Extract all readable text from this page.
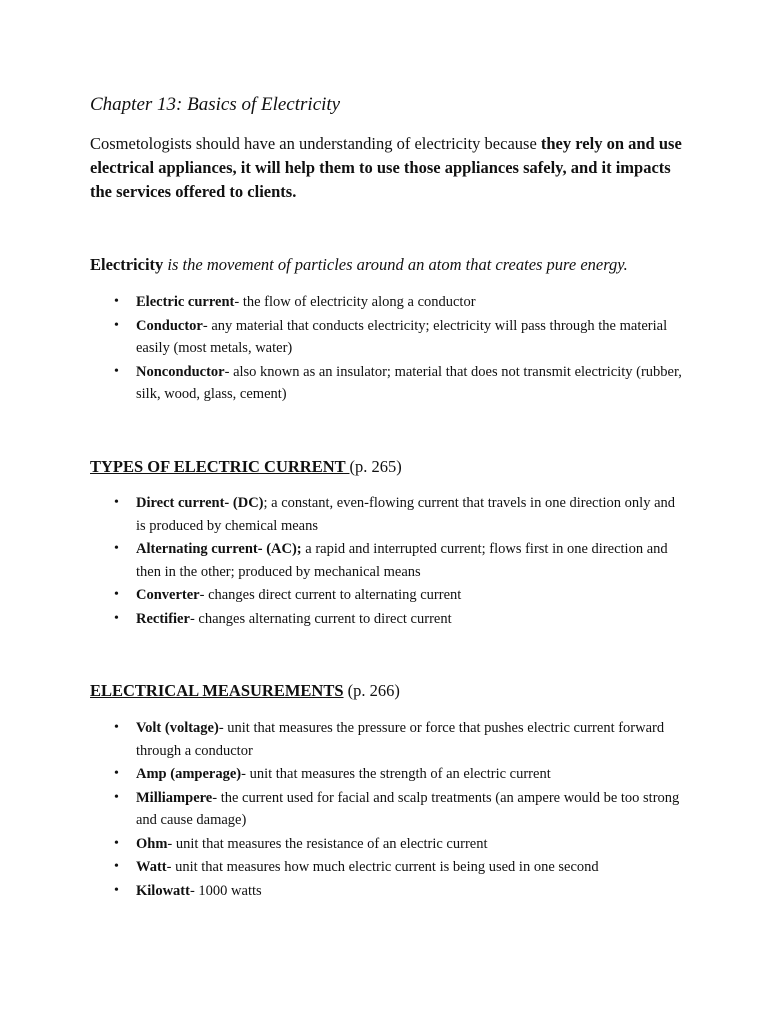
Chapter 13: Basics of Electricity

Cosmetologists should have an understanding of electricity because they rely on and use electrical appliances, it will help them to use those appliances safely, and it impacts the services offered to clients.

Electricity is the movement of particles around an atom that creates pure energy.

• Electric current- the flow of electricity along a conductor
• Conductor- any material that conducts electricity; electricity will pass through the material easily (most metals, water)
• Nonconductor- also known as an insulator; material that does not transmit electricity (rubber, silk, wood, glass, cement)

TYPES OF ELECTRIC CURRENT (p. 265)

• Direct current- (DC); a constant, even-flowing current that travels in one direction only and is produced by chemical means
• Alternating current- (AC); a rapid and interrupted current; flows first in one direction and then in the other; produced by mechanical means
• Converter- changes direct current to alternating current
• Rectifier- changes alternating current to direct current

ELECTRICAL MEASUREMENTS (p. 266)

• Volt (voltage)- unit that measures the pressure or force that pushes electric current forward through a conductor
• Amp (amperage)- unit that measures the strength of an electric current
• Milliampere- the current used for facial and scalp treatments (an ampere would be too strong and cause damage)
• Ohm- unit that measures the resistance of an electric current
• Watt- unit that measures how much electric current is being used in one second
• Kilowatt- 1000 watts
